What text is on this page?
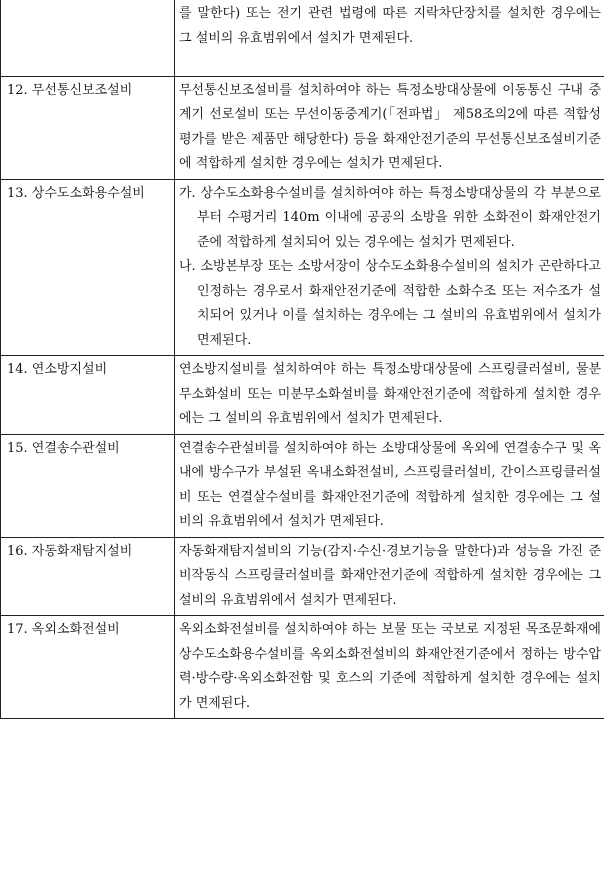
	를 말한다) 또는 전기 관련 법령에 따른 지락차단장치를 설치한 경우에는 그 설비의 유효범위에서 설치가 면제된다.
12. 무선통신보조설비	무선통신보조설비를 설치하여야 하는 특정소방대상물에 이동통신 구내 중계기 선로설비 또는 무선이동중계기(「전파법」 제58조의2에 따른 적합성평가를 받은 제품만 해당한다) 등을 화재안전기준의 무선통신보조설비기준에 적합하게 설치한 경우에는 설치가 면제된다.

13. 상수도소화용수설비	가. 상수도소화용수설비를 설치하여야 하는 특정소방대상물의 각 부분으로부터 수평거리 140m 이내에 공공의 소방을 위한 소화전이 화재안전기준에 적합하게 설치되어 있는 경우에는 설치가 면제된다.
나. 소방본부장 또는 소방서장이 상수도소화용수설비의 설치가 곤란하다고 인정하는 경우로서 화재안전기준에 적합한 소화수조 또는 저수조가 설치되어 있거나 이를 설치하는 경우에는 그 설비의 유효범위에서 설치가 면제된다.

14. 연소방지설비	연소방지설비를 설치하여야 하는 특정소방대상물에 스프링클러설비, 물분무소화설비 또는 미분무소화설비를 화재안전기준에 적합하게 설치한 경우에는 그 설비의 유효범위에서 설치가 면제된다.
15. 연결송수관설비	연결송수관설비를 설치하여야 하는 소방대상물에 옥외에 연결송수구 및 옥내에 방수구가 부설된 옥내소화전설비, 스프링클러설비, 간이스프링클러설비 또는 연결살수설비를 화재안전기준에 적합하게 설치한 경우에는 그 설비의 유효범위에서 설치가 면제된다.
16. 자동화재탐지설비	자동화재탐지설비의 기능(감지·수신·경보기능을 말한다)과 성능을 가진 준비작동식 스프링클러설비를 화재안전기준에 적합하게 설치한 경우에는 그 설비의 유효범위에서 설치가 면제된다.
17. 옥외소화전설비	옥외소화전설비를 설치하여야 하는 보물 또는 국보로 지정된 목조문화재에 상수도소화용수설비를 옥외소화전설비의 화재안전기준에서 정하는 방수압력·방수량·옥외소화전함 및 호스의 기준에 적합하게 설치한 경우에는 설치가 면제된다.
